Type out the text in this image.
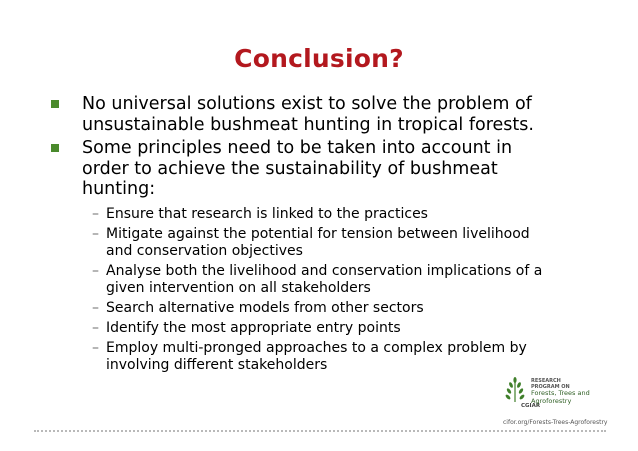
Conclusion?
No universal solutions exist to solve the problem of unsustainable bushmeat hunting in tropical forests.
Some principles need to be taken into account in order to achieve the sustainability of bushmeat hunting:
– Ensure that research is linked to the practices
– Mitigate against the potential for tension between livelihood and conservation objectives
– Analyse both the livelihood and conservation implications of a given intervention on all stakeholders
– Search alternative models from other sectors
– Identify the most appropriate entry points
– Employ multi-pronged approaches to a complex problem by involving different stakeholders
CGIAR
RESEARCH
PROGRAM ON
Forests, Trees and
Agroforestry
cifor.org/Forests-Trees-Agroforestry
